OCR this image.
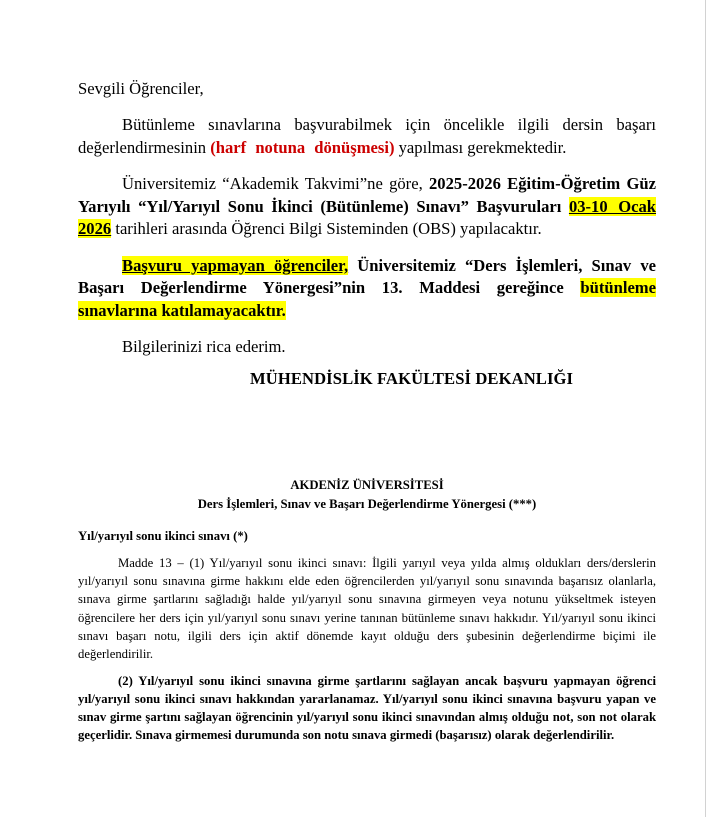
Sevgili Öğrenciler,

Bütünleme sınavlarına başvurabilmek için öncelikle ilgili dersin başarı değerlendirmesinin (harf notuna dönüşmesi) yapılması gerekmektedir.

Üniversitemiz “Akademik Takvimi”ne göre, 2025-2026 Eğitim-Öğretim Güz Yarıyılı “Yıl/Yarıyıl Sonu İkinci (Bütünleme) Sınavı” Başvuruları 03-10 Ocak 2026 tarihleri arasında Öğrenci Bilgi Sisteminden (OBS) yapılacaktır.

Başvuru yapmayan öğrenciler, Üniversitemiz “Ders İşlemleri, Sınav ve Başarı Değerlendirme Yönergesi”nin 13. Maddesi gereğince bütünleme sınavlarına katılamayacaktır.

Bilgilerinizi rica ederim.

MÜHENDİSLİK FAKÜLTESİ DEKANLIĞI

AKDENİZ ÜNİVERSİTESİ

Ders İşlemleri, Sınav ve Başarı Değerlendirme Yönergesi (***)

Yıl/yarıyıl sonu ikinci sınavı (*)

Madde 13 – (1) Yıl/yarıyıl sonu ikinci sınavı: İlgili yarıyıl veya yılda almış oldukları ders/derslerin yıl/yarıyıl sonu sınavına girme hakkını elde eden öğrencilerden yıl/yarıyıl sonu sınavında başarısız olanlarla, sınava girme şartlarını sağladığı halde yıl/yarıyıl sonu sınavına girmeyen veya notunu yükseltmek isteyen öğrencilere her ders için yıl/yarıyıl sonu sınavı yerine tanınan bütünleme sınavı hakkıdır. Yıl/yarıyıl sonu ikinci sınavı başarı notu, ilgili ders için aktif dönemde kayıt olduğu ders şubesinin değerlendirme biçimi ile değerlendirilir.

(2) Yıl/yarıyıl sonu ikinci sınavına girme şartlarını sağlayan ancak başvuru yapmayan öğrenci yıl/yarıyıl sonu ikinci sınavı hakkından yararlanamaz. Yıl/yarıyıl sonu ikinci sınavına başvuru yapan ve sınav girme şartını sağlayan öğrencinin yıl/yarıyıl sonu ikinci sınavından almış olduğu not, son not olarak geçerlidir. Sınava girmemesi durumunda son notu sınava girmedi (başarısız) olarak değerlendirilir.
